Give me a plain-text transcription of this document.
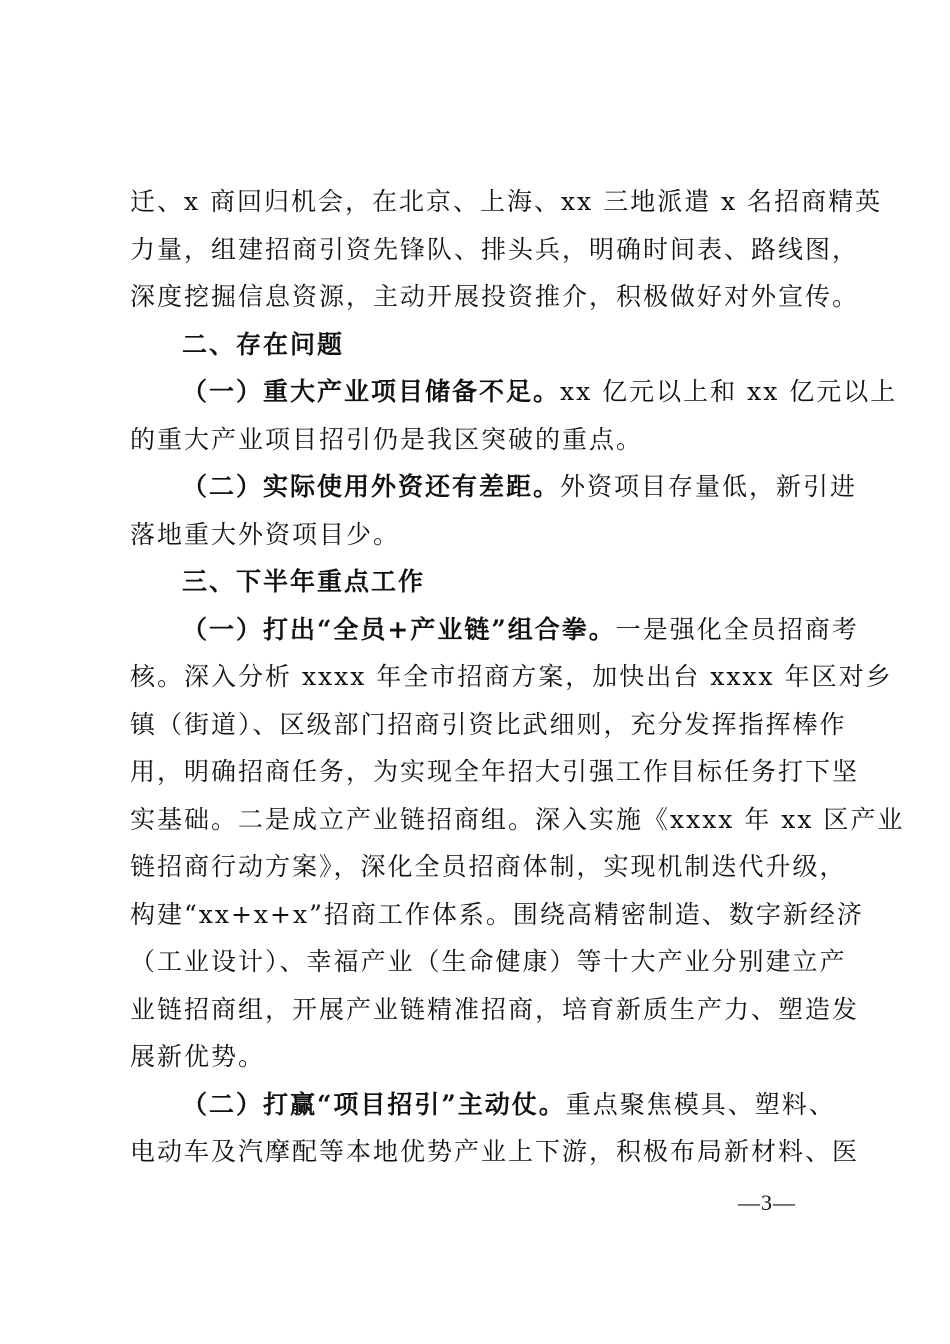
迁、x 商回归机会，在北京、上海、xx 三地派遣 x 名招商精英
力量，组建招商引资先锋队、排头兵，明确时间表、路线图，
深度挖掘信息资源，主动开展投资推介，积极做好对外宣传。
二、存在问题
（一）重大产业项目储备不足。xx 亿元以上和 xx 亿元以上
的重大产业项目招引仍是我区突破的重点。
（二）实际使用外资还有差距。外资项目存量低，新引进
落地重大外资项目少。
三、下半年重点工作
（一）打出“全员+产业链”组合拳。一是强化全员招商考
核。深入分析 xxxx 年全市招商方案，加快出台 xxxx 年区对乡
镇（街道）、区级部门招商引资比武细则，充分发挥指挥棒作
用，明确招商任务，为实现全年招大引强工作目标任务打下坚
实基础。二是成立产业链招商组。深入实施《xxxx 年 xx 区产业
链招商行动方案》，深化全员招商体制，实现机制迭代升级，
构建“xx+x+x”招商工作体系。围绕高精密制造、数字新经济
（工业设计）、幸福产业（生命健康）等十大产业分别建立产
业链招商组，开展产业链精准招商，培育新质生产力、塑造发
展新优势。
（二）打赢“项目招引”主动仗。重点聚焦模具、塑料、
电动车及汽摩配等本地优势产业上下游，积极布局新材料、医
—3—
